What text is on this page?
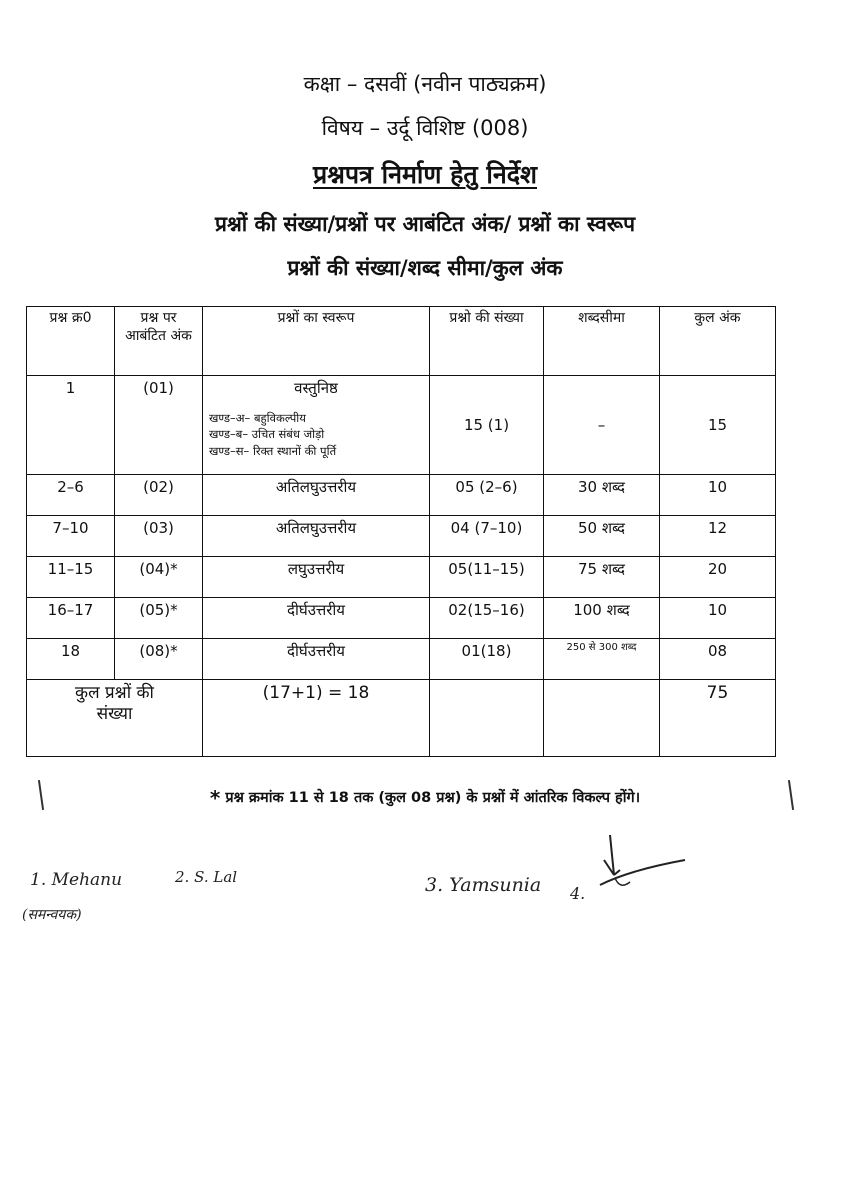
कक्षा – दसवीं (नवीन पाठ्यक्रम)
विषय – उर्दू विशिष्ट (008)
प्रश्नपत्र निर्माण हेतु निर्देश
प्रश्नों की संख्या/प्रश्नों पर आबंटित अंक/ प्रश्नों का स्वरूप
प्रश्नों की संख्या/शब्द सीमा/कुल अंक
प्रश्न क्र0	प्रश्न पर आबंटित अंक	प्रश्नों का स्वरूप	प्रश्नो की संख्या	शब्दसीमा	कुल अंक
1	(01)	वस्तुनिष्ठ
खण्ड–अ– बहुविकल्पीय
खण्ड–ब– उचित संबंध जोड़ो
खण्ड–स– रिक्त स्थानों की पूर्ति	15 (1)	–	15
2–6	(02)	अतिलघुउत्तरीय	05 (2–6)	30 शब्द	10
7–10	(03)	अतिलघुउत्तरीय	04 (7–10)	50 शब्द	12
11–15	(04)*	लघुउत्तरीय	05(11–15)	75 शब्द	20
16–17	(05)*	दीर्घउत्तरीय	02(15–16)	100 शब्द	10
18	(08)*	दीर्घउत्तरीय	01(18)	250 से 300 शब्द	08

कुल प्रश्नों की
संख्या		(17+1) = 18			75
* प्रश्न क्रमांक 11 से 18 तक (कुल 08 प्रश्न) के प्रश्नों में आंतरिक विकल्प होंगे।
1. Mehanu
(समन्वयक)
2. S. Lal	3. Yamsunia 4.
